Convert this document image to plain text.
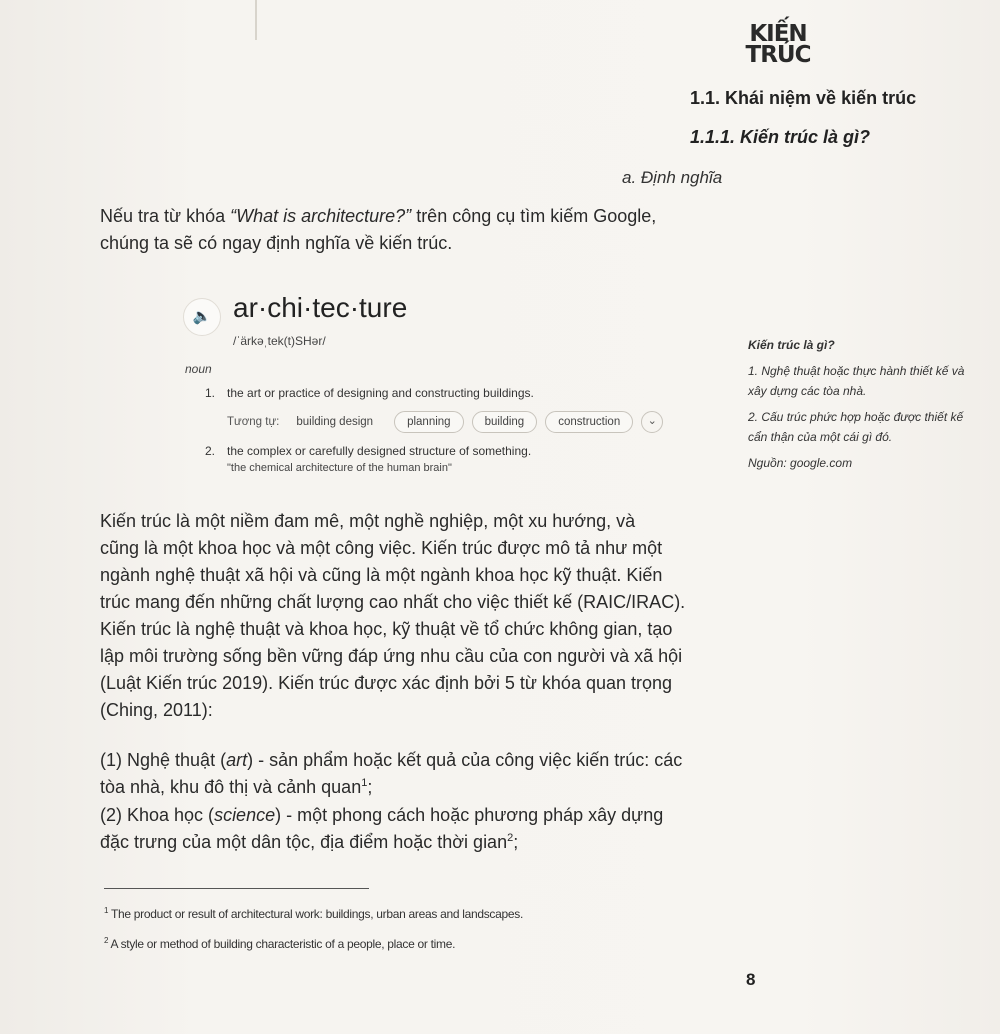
KIẾN
TRÚC
1.1. Khái niệm về kiến trúc
1.1.1. Kiến trúc là gì?
a. Định nghĩa
Nếu tra từ khóa “What is architecture?” trên công cụ tìm kiếm Google,
chúng ta sẽ có ngay định nghĩa về kiến trúc.
🔈 ar·chi·tec·ture
/ˈärkəˌtek(t)SHər/
noun
1. the art or practice of designing and constructing buildings.
Tương tự: building design	planning	building	construction	⌄
2. the complex or carefully designed structure of something.
"the chemical architecture of the human brain"
Kiến trúc là gì?
1. Nghệ thuật hoặc thực hành thiết kế và
xây dựng các tòa nhà.
2. Cấu trúc phức hợp hoặc được thiết kế
cẩn thận của một cái gì đó.
Nguồn: google.com
Kiến trúc là một niềm đam mê, một nghề nghiệp, một xu hướng, và
cũng là một khoa học và một công việc. Kiến trúc được mô tả như một
ngành nghệ thuật xã hội và cũng là một ngành khoa học kỹ thuật. Kiến
trúc mang đến những chất lượng cao nhất cho việc thiết kế (RAIC/IRAC).
Kiến trúc là nghệ thuật và khoa học, kỹ thuật về tổ chức không gian, tạo
lập môi trường sống bền vững đáp ứng nhu cầu của con người và xã hội
(Luật Kiến trúc 2019). Kiến trúc được xác định bởi 5 từ khóa quan trọng
(Ching, 2011):
(1) Nghệ thuật (art) - sản phẩm hoặc kết quả của công việc kiến trúc: các
tòa nhà, khu đô thị và cảnh quan$^1$;
(2) Khoa học (science) - một phong cách hoặc phương pháp xây dựng
đặc trưng của một dân tộc, địa điểm hoặc thời gian$^2$;
$^1$ The product or result of architectural work: buildings, urban areas and landscapes.
$^2$ A style or method of building characteristic of a people, place or time.
8
